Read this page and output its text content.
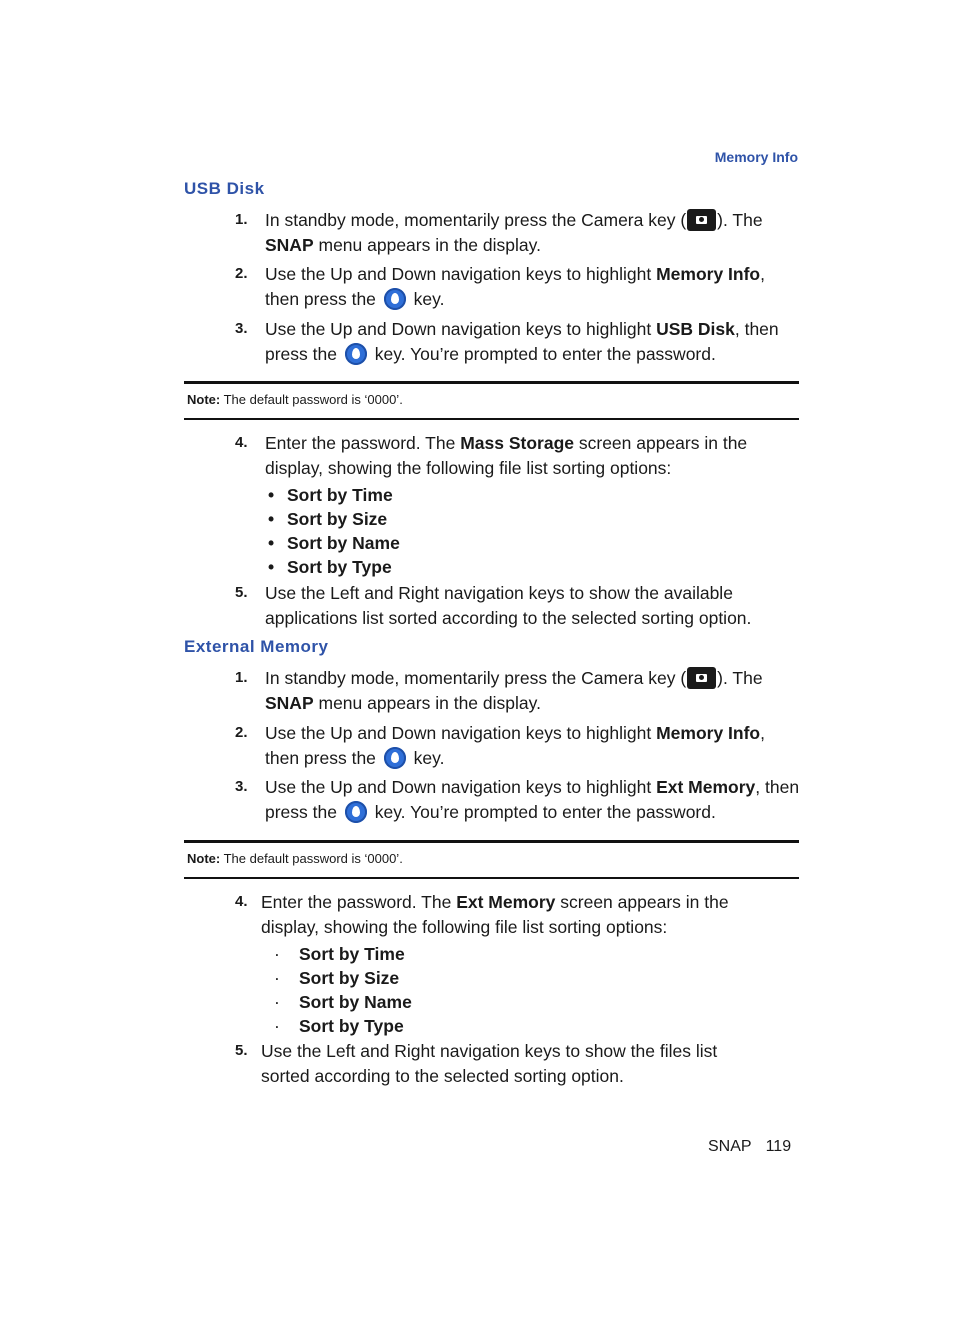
Memory Info
USB Disk
1. In standby mode, momentarily press the Camera key ( ). The SNAP menu appears in the display.
2. Use the Up and Down navigation keys to highlight Memory Info, then press the  key.
3. Use the Up and Down navigation keys to highlight USB Disk, then press the  key. You’re prompted to enter the password.
Note: The default password is ‘0000’.
4. Enter the password. The Mass Storage screen appears in the display, showing the following file list sorting options:
• Sort by Time
• Sort by Size
• Sort by Name
• Sort by Type
5. Use the Left and Right navigation keys to show the available applications list sorted according to the selected sorting option.
External Memory
1. In standby mode, momentarily press the Camera key ( ). The SNAP menu appears in the display.
2. Use the Up and Down navigation keys to highlight Memory Info, then press the  key.
3. Use the Up and Down navigation keys to highlight Ext Memory, then press the  key. You’re prompted to enter the password.
Note: The default password is ‘0000’.
4. Enter the password. The Ext Memory screen appears in the display, showing the following file list sorting options:
· Sort by Time
· Sort by Size
· Sort by Name
· Sort by Type
5. Use the Left and Right navigation keys to show the files list sorted according to the selected sorting option.
SNAP 119
